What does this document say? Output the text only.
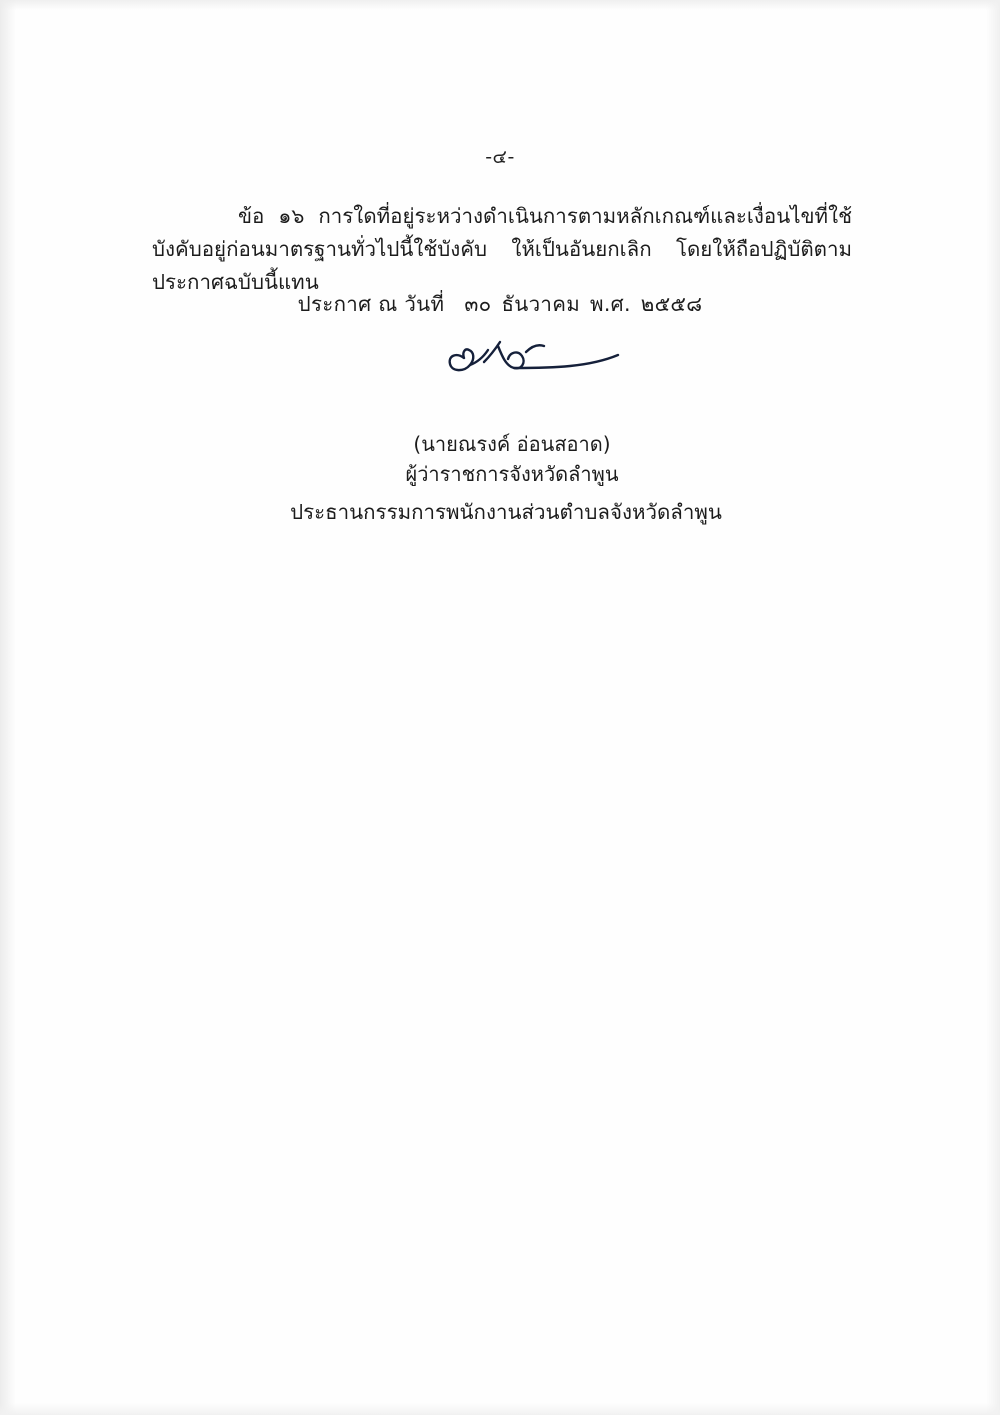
-๔-
ข้อ ๑๖ การใดที่อยู่ระหว่างดำเนินการตามหลักเกณฑ์และเงื่อนไขที่ใช้บังคับอยู่ก่อนมาตรฐานทั่วไปนี้ใช้บังคับ ให้เป็นอันยกเลิก โดยให้ถือปฏิบัติตามประกาศฉบับนี้แทน
ประกาศ ณ วันที่ ๓๐ ธันวาคม พ.ศ. ๒๕๕๘
(นายณรงค์ อ่อนสอาด)
ผู้ว่าราชการจังหวัดลำพูน
ประธานกรรมการพนักงานส่วนตำบลจังหวัดลำพูน
